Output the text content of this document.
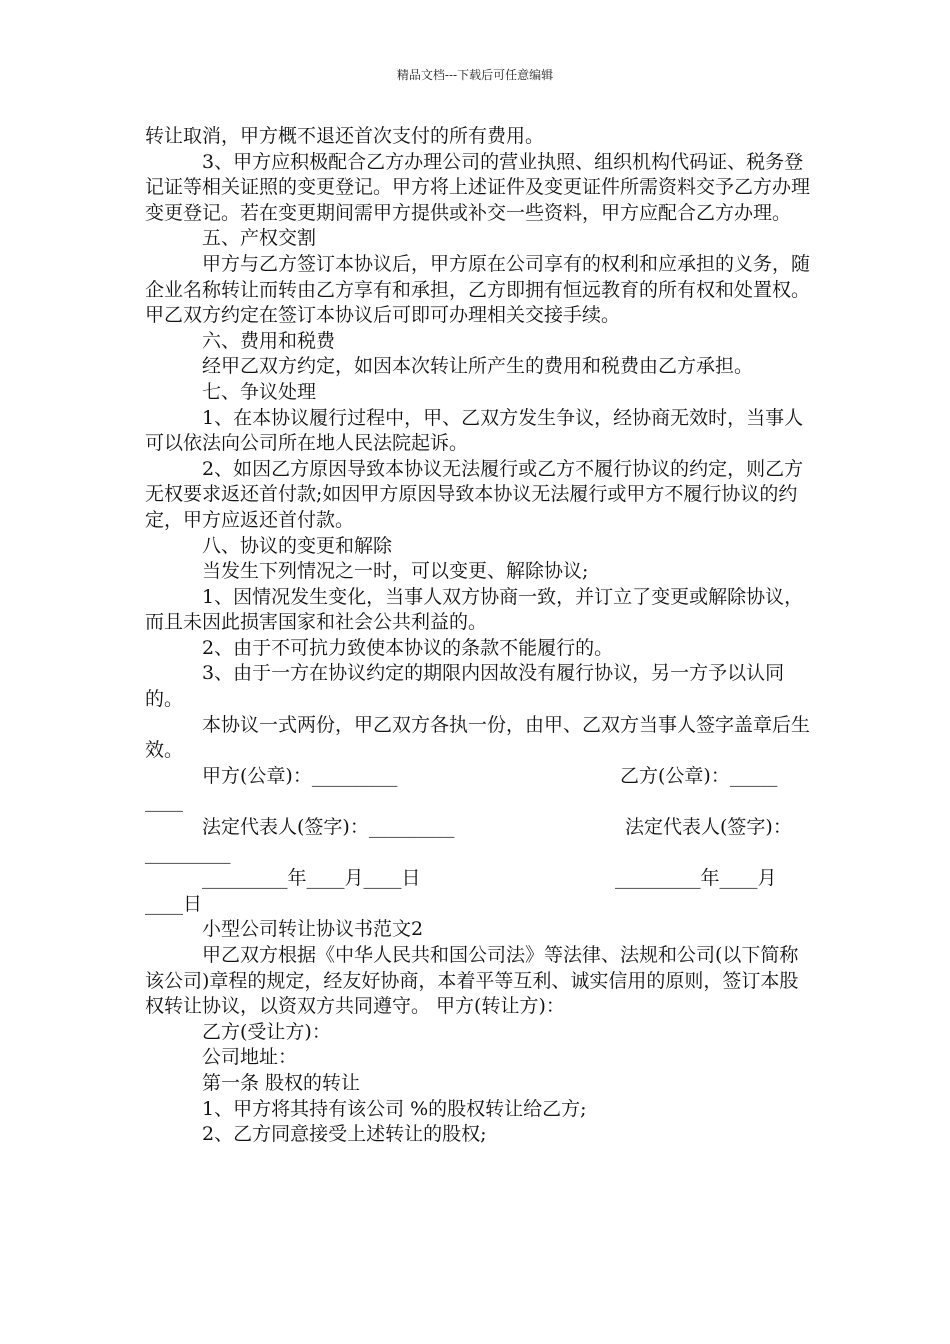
精品文档---下载后可任意编辑

转让取消，甲方概不退还首次支付的所有费用。

3、甲方应积极配合乙方办理公司的营业执照、组织机构代码证、税务登记证等相关证照的变更登记。甲方将上述证件及变更证件所需资料交予乙方办理变更登记。若在变更期间需甲方提供或补交一些资料，甲方应配合乙方办理。

五、产权交割

甲方与乙方签订本协议后，甲方原在公司享有的权利和应承担的义务，随企业名称转让而转由乙方享有和承担，乙方即拥有恒远教育的所有权和处置权。甲乙双方约定在签订本协议后可即可办理相关交接手续。

六、费用和税费

经甲乙双方约定，如因本次转让所产生的费用和税费由乙方承担。

七、争议处理

1、在本协议履行过程中，甲、乙双方发生争议，经协商无效时，当事人可以依法向公司所在地人民法院起诉。

2、如因乙方原因导致本协议无法履行或乙方不履行协议的约定，则乙方无权要求返还首付款;如因甲方原因导致本协议无法履行或甲方不履行协议的约定，甲方应返还首付款。

八、协议的变更和解除

当发生下列情况之一时，可以变更、解除协议;

1、因情况发生变化，当事人双方协商一致，并订立了变更或解除协议，而且未因此损害国家和社会公共利益的。

2、由于不可抗力致使本协议的条款不能履行的。

3、由于一方在协议约定的期限内因故没有履行协议，另一方予以认同的。

本协议一式两份，甲乙双方各执一份，由甲、乙双方当事人签字盖章后生效。

甲方(公章)：_________	乙方(公章)：_____
____
法定代表人(签字)：_________	法定代表人(签字)：
_________
_________年____月____日	_________年____月
____日

小型公司转让协议书范文2

甲乙双方根据《中华人民共和国公司法》等法律、法规和公司(以下简称该公司)章程的规定，经友好协商，本着平等互利、诚实信用的原则，签订本股权转让协议，以资双方共同遵守。 甲方(转让方)：

乙方(受让方)：

公司地址：

第一条 股权的转让

1、甲方将其持有该公司 %的股权转让给乙方;

2、乙方同意接受上述转让的股权;
